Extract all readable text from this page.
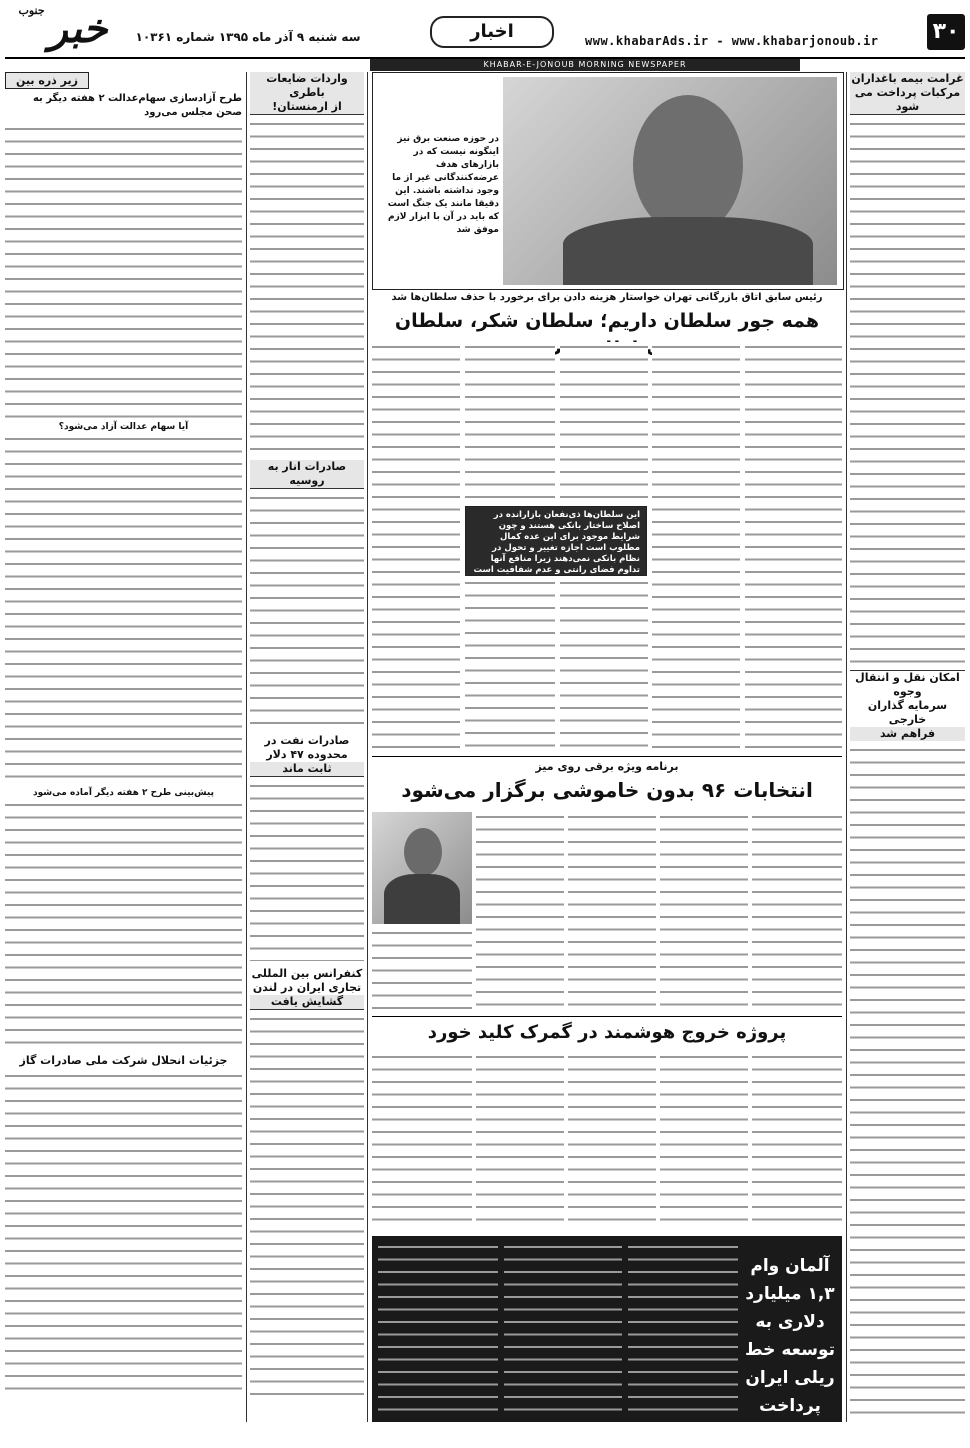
۳۰
www.khabarAds.ir - www.khabarjonoub.ir
اخبار
سه شنبه ۹ آذر ماه ۱۳۹۵ شماره ۱۰۳۶۱
خبر
جنوب
KHABAR-E-JONOUB MORNING NEWSPAPER
غرامت بیمه باغداران
مرکبات پرداخت می شود
امکان نقل و انتقال وجوه
سرمایه گذاران خارجی
فراهم شد
در حوزه صنعت برق نیز اینگونه نیست که در بازارهای هدف عرضه‌کنندگانی غیر از ما وجود نداشته باشند. این دقیقا مانند یک جنگ است که باید در آن با ابزار لازم موفق شد
رئیس سابق اتاق بازرگانی تهران خواستار هزینه دادن برای برخورد با حذف سلطان‌ها شد
همه جور سلطان داریم؛ سلطان شکر، سلطان
این سلطان‌ها ذی‌نفعان بازارانده در اصلاح ساختار بانکی هستند و چون شرایط موجود برای این عده کمال مطلوب است اجازه تغییر و تحول در نظام بانکی نمی‌دهند زیرا منافع آنها تداوم فضای رانتی و عدم شفافیت است
برنامه ویژه برقی روی میز
انتخابات ۹۶ بدون خاموشی برگزار می‌شود
پروژه خروج هوشمند در گمرک کلید خورد
آلمان وام ۱,۳ میلیارد دلاری به توسعه خط ریلی ایران پرداخت می‌کند
واردات ضایعات باطری
از ارمنستان!
صادرات انار به روسیه
صادرات نفت در
محدوده ۴۷ دلار
ثابت ماند
کنفرانس بین المللی
تجاری ایران در لندن
گشایش یافت
زیر ذره بین
طرح آزادسازی سهام‌عدالت ۲ هفته دیگر به صحن مجلس می‌رود
آیا سهام عدالت آزاد می‌شود؟
پیش‌بینی طرح ۲ هفته دیگر آماده می‌شود
جزئیات انحلال شرکت ملی صادرات گاز
